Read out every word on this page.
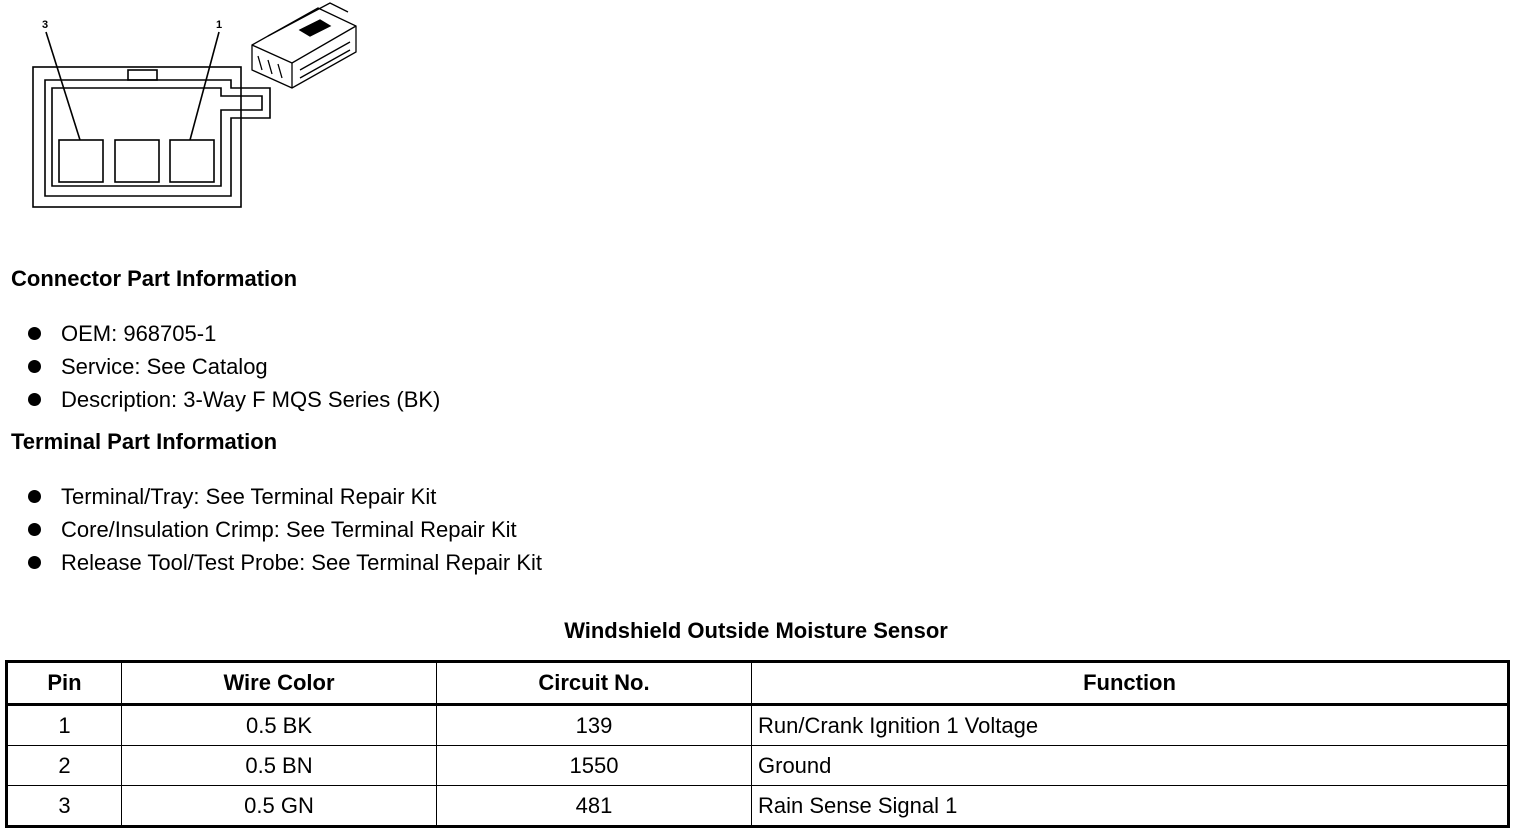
3	1
Connector Part Information
OEM: 968705-1
Service: See Catalog
Description: 3-Way F MQS Series (BK)
Terminal Part Information
Terminal/Tray: See Terminal Repair Kit
Core/Insulation Crimp: See Terminal Repair Kit
Release Tool/Test Probe: See Terminal Repair Kit
Windshield Outside Moisture Sensor
Pin	Wire Color	Circuit No.	Function
1	0.5 BK	139	Run/Crank Ignition 1 Voltage
2	0.5 BN	1550	Ground
3	0.5 GN	481	Rain Sense Signal 1
